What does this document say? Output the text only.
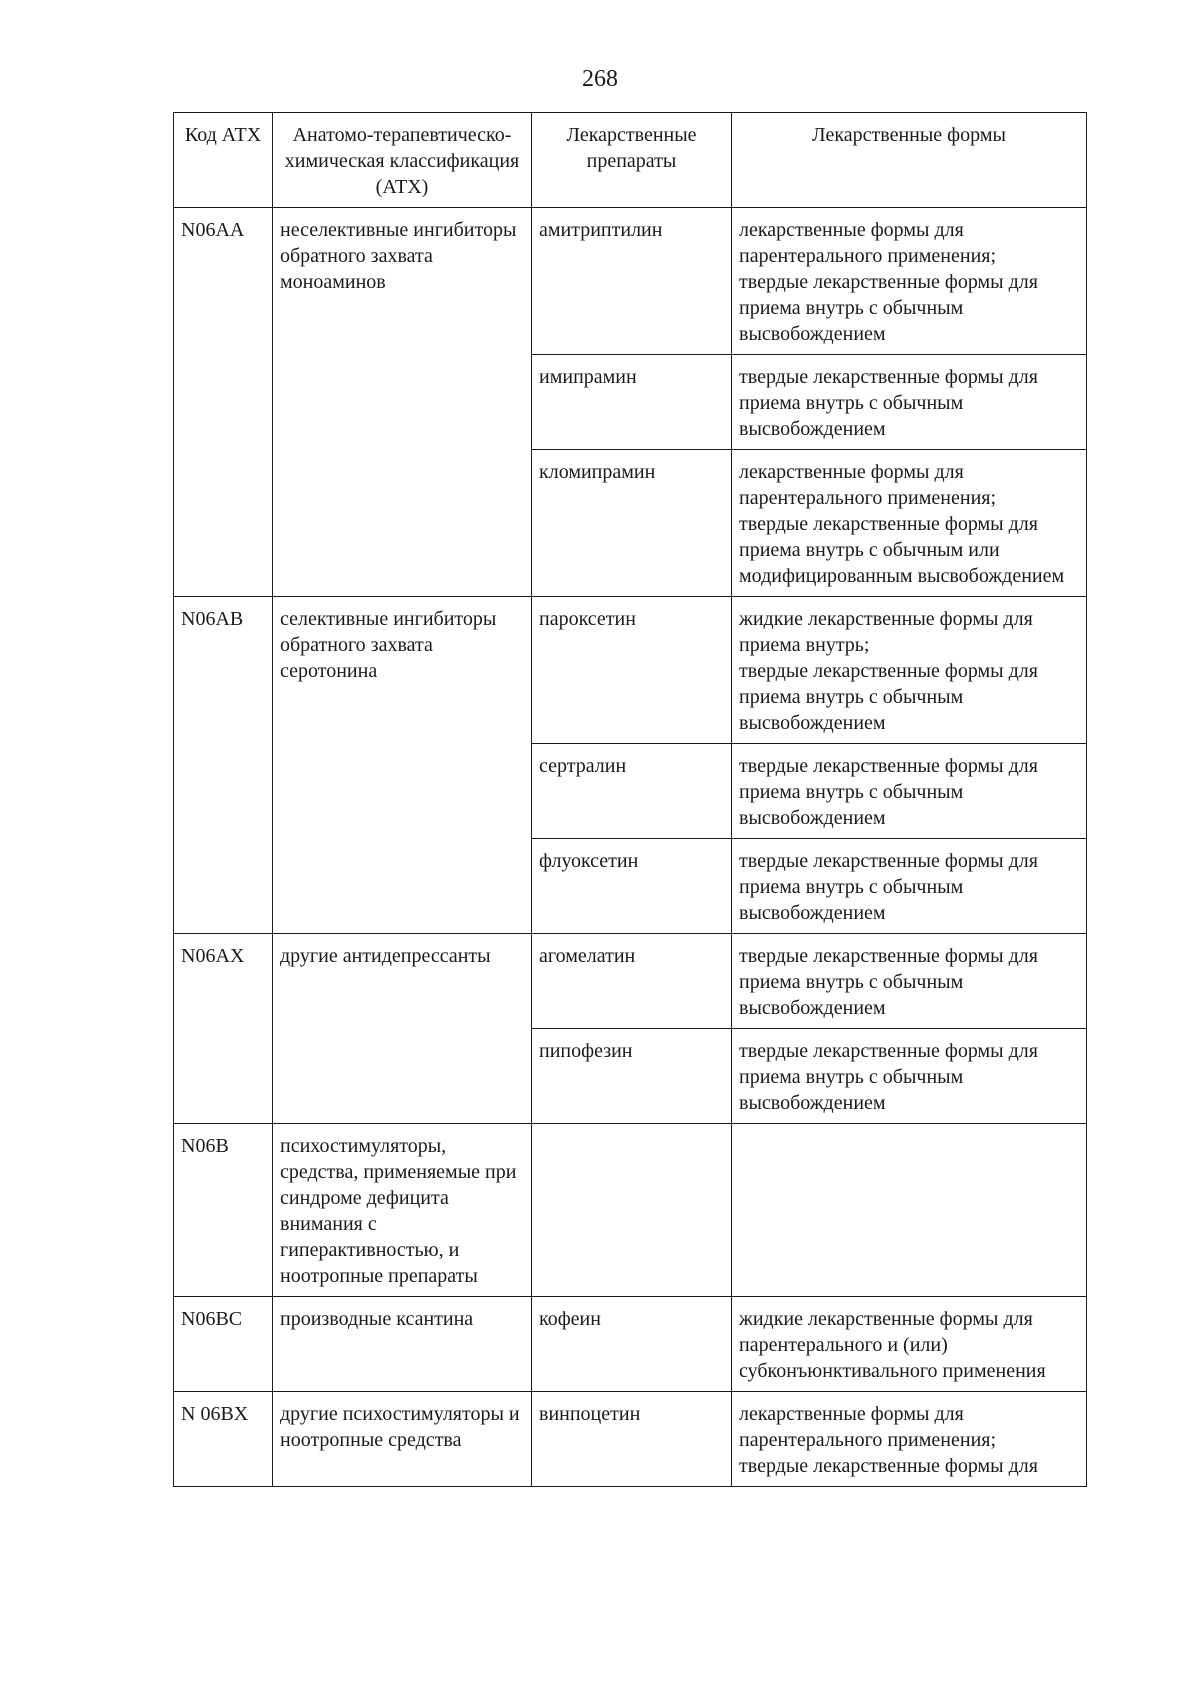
268
Код АТХ	Анатомо-терапевтическо-химическая классификация (АТХ)	Лекарственные препараты	Лекарственные формы
N06AA	неселективные ингибиторы обратного захвата моноаминов	амитриптилин	лекарственные формы для парентерального применения;
твердые лекарственные формы для приема внутрь с обычным высвобождением

		имипрамин	твердые лекарственные формы для приема внутрь с обычным высвобождением

		кломипрамин	лекарственные формы для парентерального применения;
твердые лекарственные формы для приема внутрь с обычным или модифицированным высвобождением

N06AB	селективные ингибиторы обратного захвата серотонина	пароксетин	жидкие лекарственные формы для приема внутрь;
твердые лекарственные формы для приема внутрь с обычным высвобождением

		сертралин	твердые лекарственные формы для приема внутрь с обычным высвобождением

		флуоксетин	твердые лекарственные формы для приема внутрь с обычным высвобождением

N06AX	другие антидепрессанты	агомелатин	твердые лекарственные формы для приема внутрь с обычным высвобождением

		пипофезин	твердые лекарственные формы для приема внутрь с обычным высвобождением

N06B	психостимуляторы, средства, применяемые при синдроме дефицита внимания с гиперактивностью, и ноотропные препараты		
N06BC	производные ксантина	кофеин	жидкие лекарственные формы для парентерального и (или) субконъюнктивального применения

N 06BX	другие психостимуляторы и ноотропные средства	винпоцетин	лекарственные формы для парентерального применения;
твердые лекарственные формы для
